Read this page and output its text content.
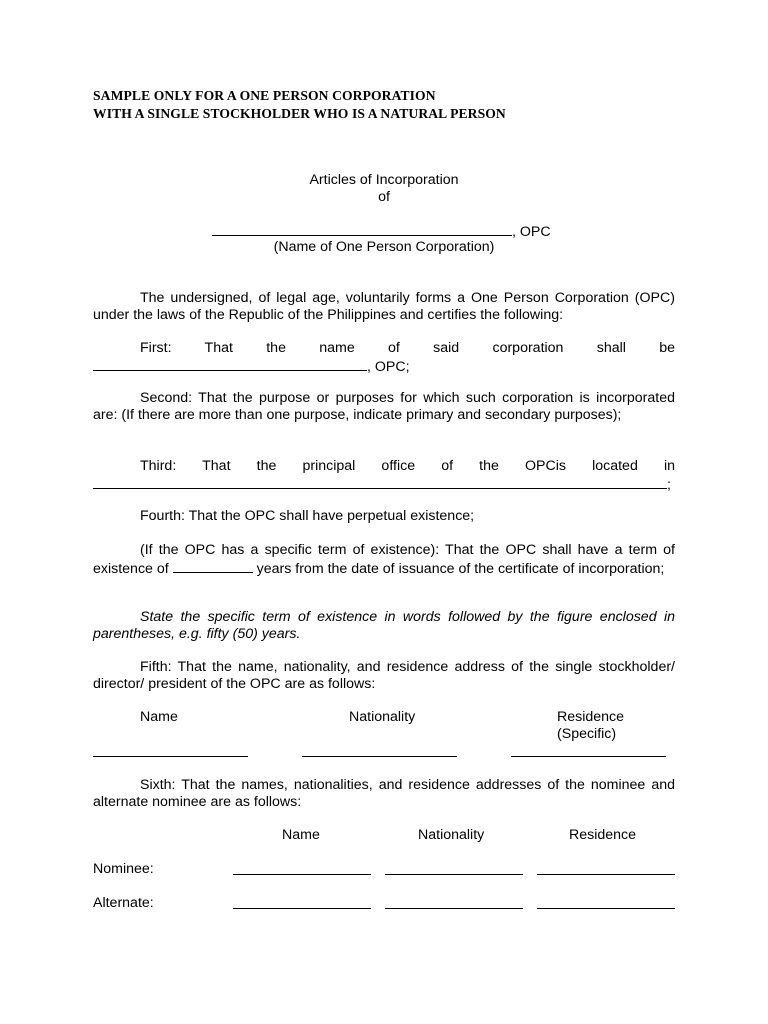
SAMPLE ONLY FOR A ONE PERSON CORPORATION
WITH A SINGLE STOCKHOLDER WHO IS A NATURAL PERSON
Articles of Incorporation
of
, OPC
(Name of One Person Corporation)
The undersigned, of legal age, voluntarily forms a One Person Corporation (OPC) under the laws of the Republic of the Philippines and certifies the following:
First: That the name of said corporation shall be
, OPC;
Second: That the purpose or purposes for which such corporation is incorporated are: (If there are more than one purpose, indicate primary and secondary purposes);
Third: That the principal office of the OPCis located in
;
Fourth: That the OPC shall have perpetual existence;
(If the OPC has a specific term of existence): That the OPC shall have a term of existence of	years from the date of issuance of the certificate of incorporation;
State the specific term of existence in words followed by the figure enclosed in parentheses, e.g. fifty (50) years.
Fifth: That the name, nationality, and residence address of the single stockholder/ director/ president of the OPC are as follows:
Name	Nationality	Residence
(Specific)
Sixth: That the names, nationalities, and residence addresses of the nominee and alternate nominee are as follows:
Name	Nationality	Residence
Nominee:
Alternate:
